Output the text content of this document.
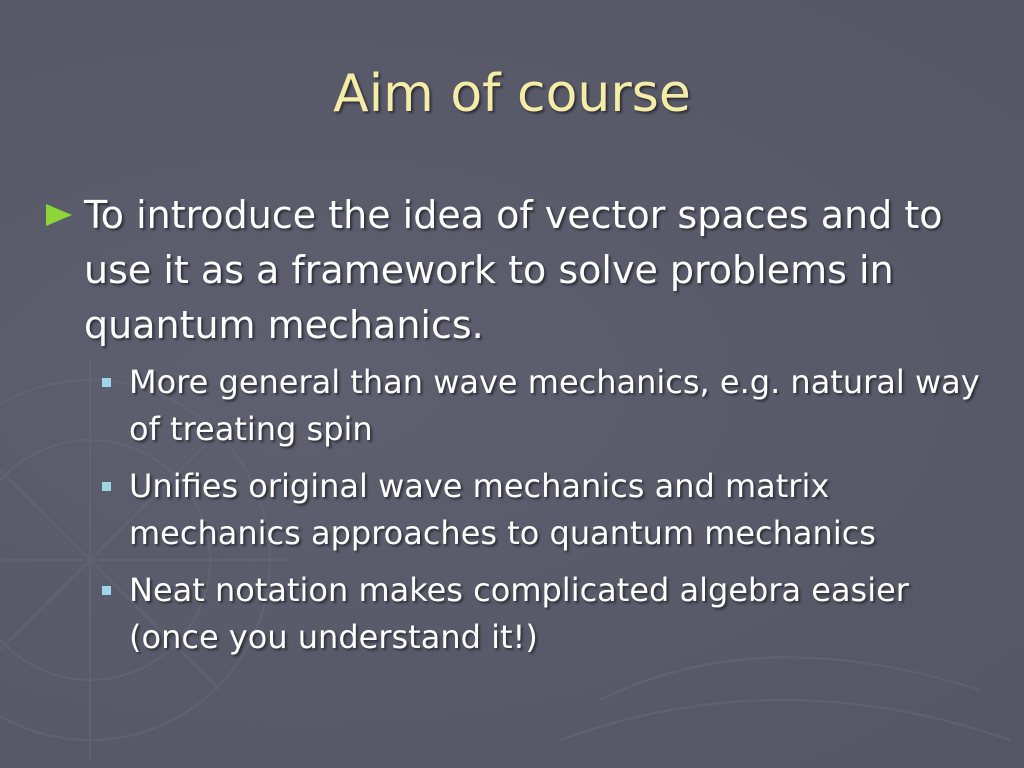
Aim of course
To introduce the idea of vector spaces and to use it as a framework to solve problems in quantum mechanics.
More general than wave mechanics, e.g. natural way of treating spin
Unifies original wave mechanics and matrix mechanics approaches to quantum mechanics
Neat notation makes complicated algebra easier (once you understand it!)
